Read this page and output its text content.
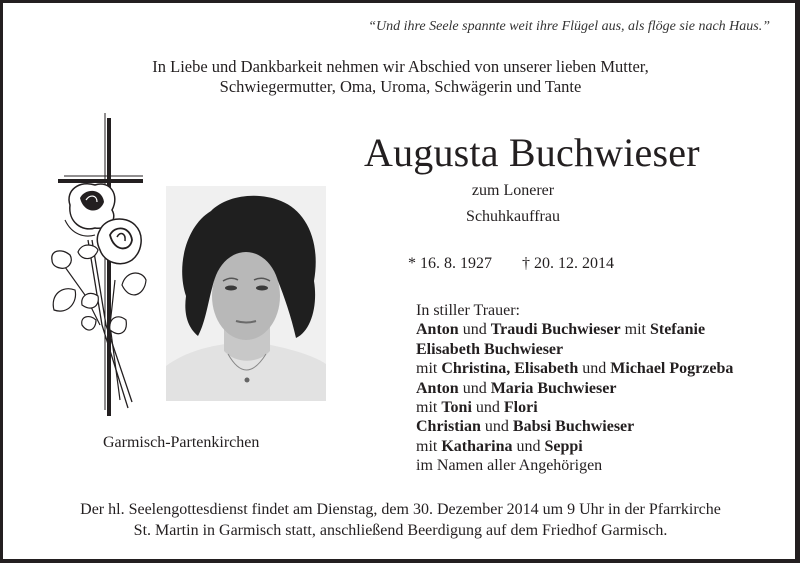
“Und ihre Seele spannte weit ihre Flügel aus, als flöge sie nach Haus.”
In Liebe und Dankbarkeit nehmen wir Abschied von unserer lieben Mutter,
Schwiegermutter, Oma, Uroma, Schwägerin und Tante
Garmisch-Partenkirchen
Augusta Buchwieser
zum Lonerer
Schuhkauffrau
* 16. 8. 1927 † 20. 12. 2014
In stiller Trauer:
Anton und Traudi Buchwieser mit Stefanie
Elisabeth Buchwieser
mit Christina, Elisabeth und Michael Pogrzeba
Anton und Maria Buchwieser
mit Toni und Flori
Christian und Babsi Buchwieser
mit Katharina und Seppi
im Namen aller Angehörigen
Der hl. Seelengottesdienst findet am Dienstag, dem 30. Dezember 2014 um 9 Uhr in der Pfarrkirche
St. Martin in Garmisch statt, anschließend Beerdigung auf dem Friedhof Garmisch.
